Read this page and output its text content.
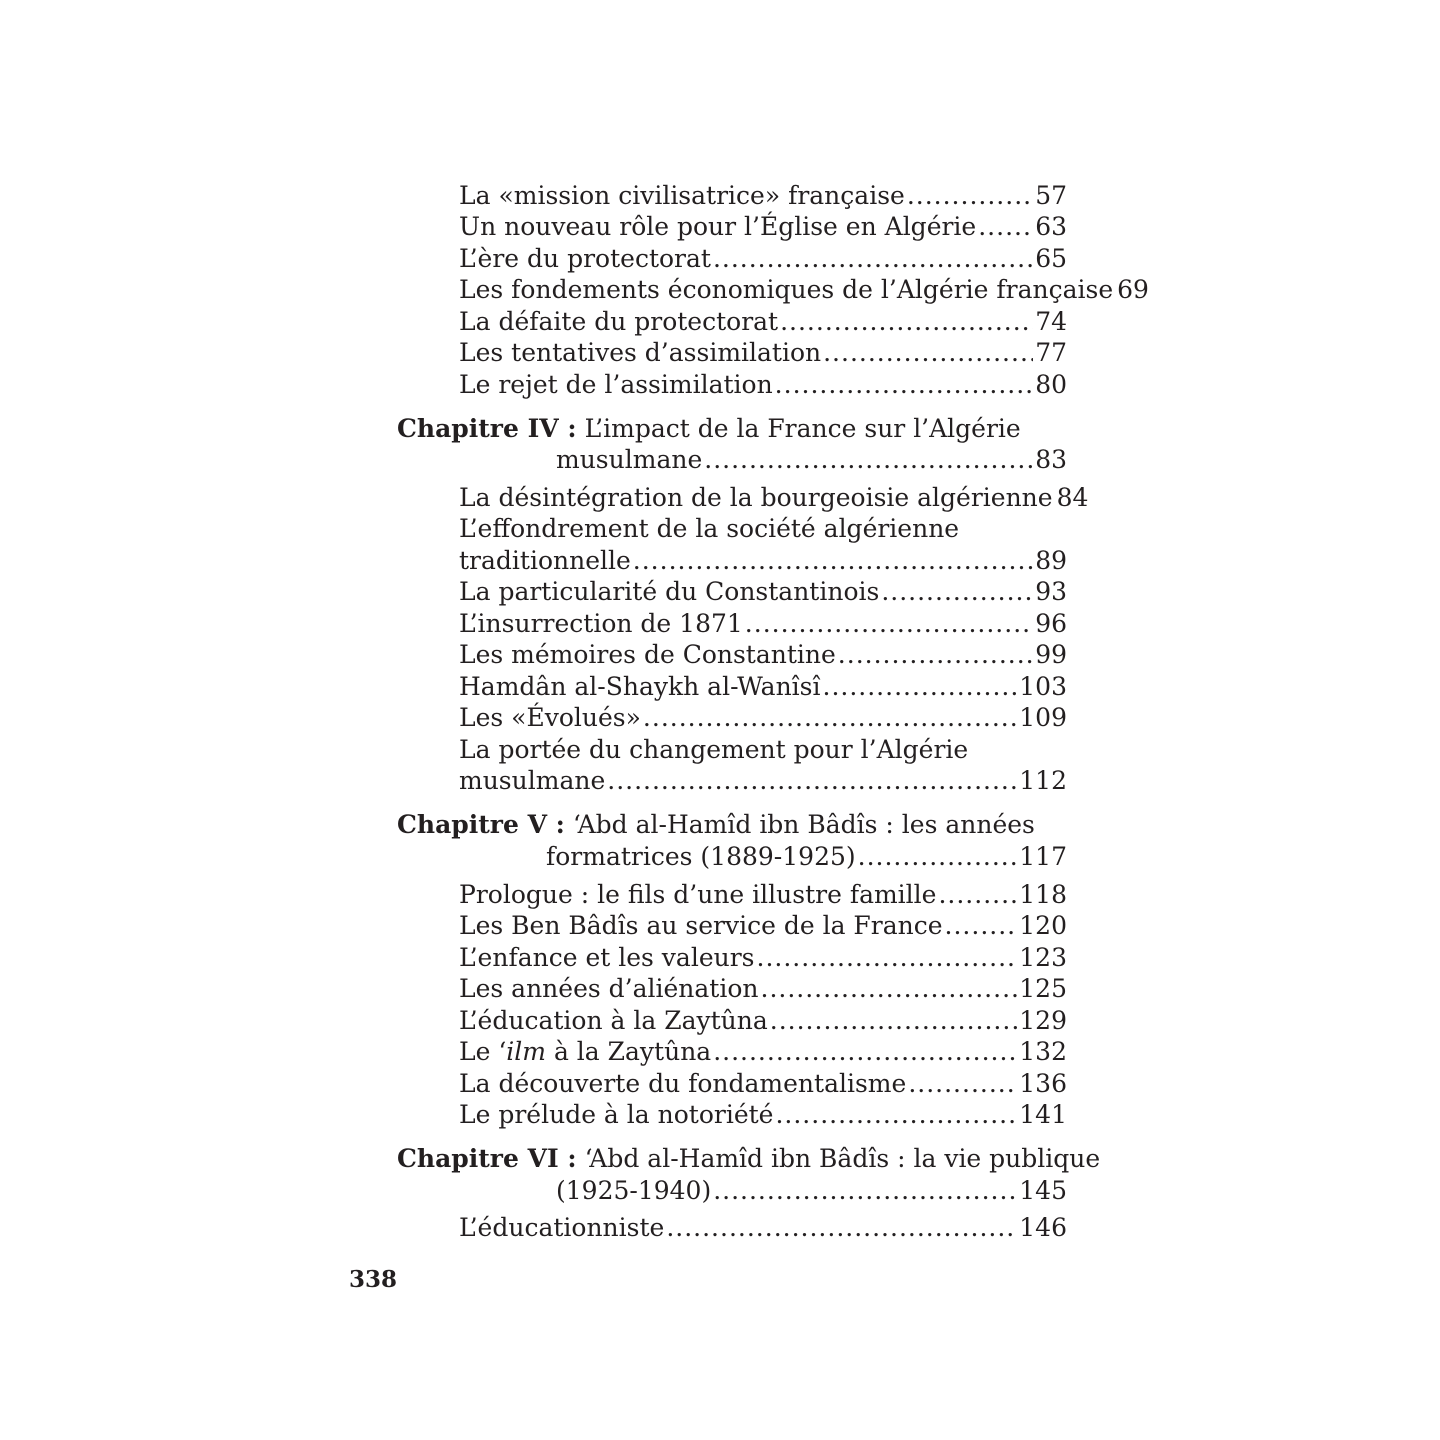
La «mission civilisatrice» française .....	57
Un nouveau rôle pour l’Église en Algérie ..... 63
L’ère du protectorat .....	65
Les fondements économiques de l’Algérie française 69
La défaite du protectorat .....	74
Les tentatives d’assimilation .....	77
Le rejet de l’assimilation .....	80
Chapitre IV :
L’impact de la France sur l’Algérie
musulmane .....	83
La désintégration de la bourgeoisie algérienne 84
L’effondrement de la société algérienne
traditionnelle .....	89
La particularité du Constantinois .....	93
L’insurrection de 1871 .....	96
Les mémoires de Constantine .....	99
Hamdân al-Shaykh al-Wanîsî .....	103
Les «Évolués» .....	109
La portée du changement pour l’Algérie
musulmane .....	112
Chapitre V :
‘Abd al-Hamîd ibn Bâdîs : les années
formatrices (1889-1925) .....	117
Prologue : le fils d’une illustre famille .....	118
Les Ben Bâdîs au service de la France .....	120
L’enfance et les valeurs .....	123
Les années d’aliénation .....	125
L’éducation à la Zaytûna .....	129
Le ‘ilm à la Zaytûna .....	132
La découverte du fondamentalisme .....	136
Le prélude à la notoriété .....	141
Chapitre VI :
‘Abd al-Hamîd ibn Bâdîs : la vie publique
(1925-1940) .....	145
L’éducationniste .....	146
338
